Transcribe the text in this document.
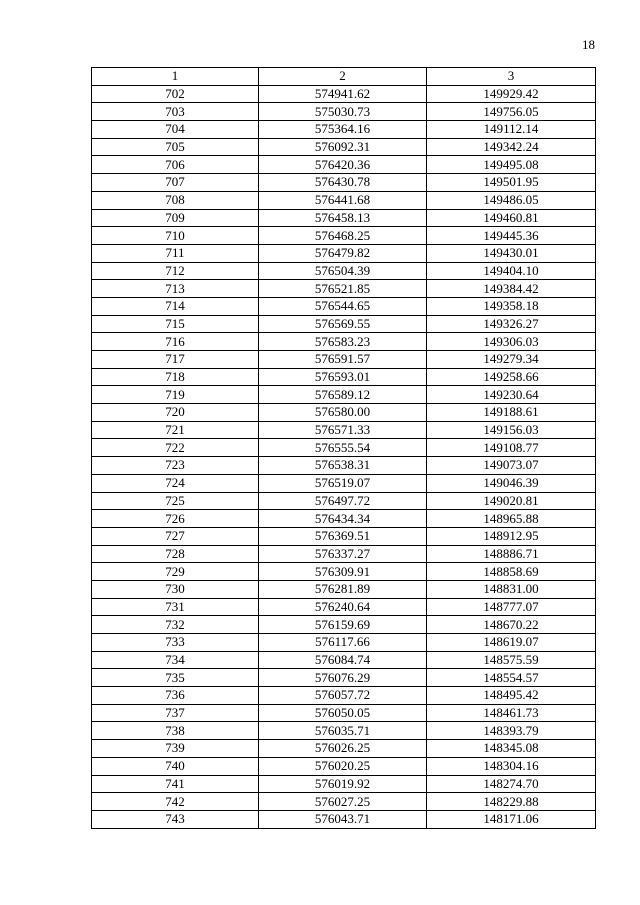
18
1	2	3
702	574941.62	149929.42
703	575030.73	149756.05
704	575364.16	149112.14
705	576092.31	149342.24
706	576420.36	149495.08
707	576430.78	149501.95
708	576441.68	149486.05
709	576458.13	149460.81
710	576468.25	149445.36
711	576479.82	149430.01
712	576504.39	149404.10
713	576521.85	149384.42
714	576544.65	149358.18
715	576569.55	149326.27
716	576583.23	149306.03
717	576591.57	149279.34
718	576593.01	149258.66
719	576589.12	149230.64
720	576580.00	149188.61
721	576571.33	149156.03
722	576555.54	149108.77
723	576538.31	149073.07
724	576519.07	149046.39
725	576497.72	149020.81
726	576434.34	148965.88
727	576369.51	148912.95
728	576337.27	148886.71
729	576309.91	148858.69
730	576281.89	148831.00
731	576240.64	148777.07
732	576159.69	148670.22
733	576117.66	148619.07
734	576084.74	148575.59
735	576076.29	148554.57
736	576057.72	148495.42
737	576050.05	148461.73
738	576035.71	148393.79
739	576026.25	148345.08
740	576020.25	148304.16
741	576019.92	148274.70
742	576027.25	148229.88
743	576043.71	148171.06
